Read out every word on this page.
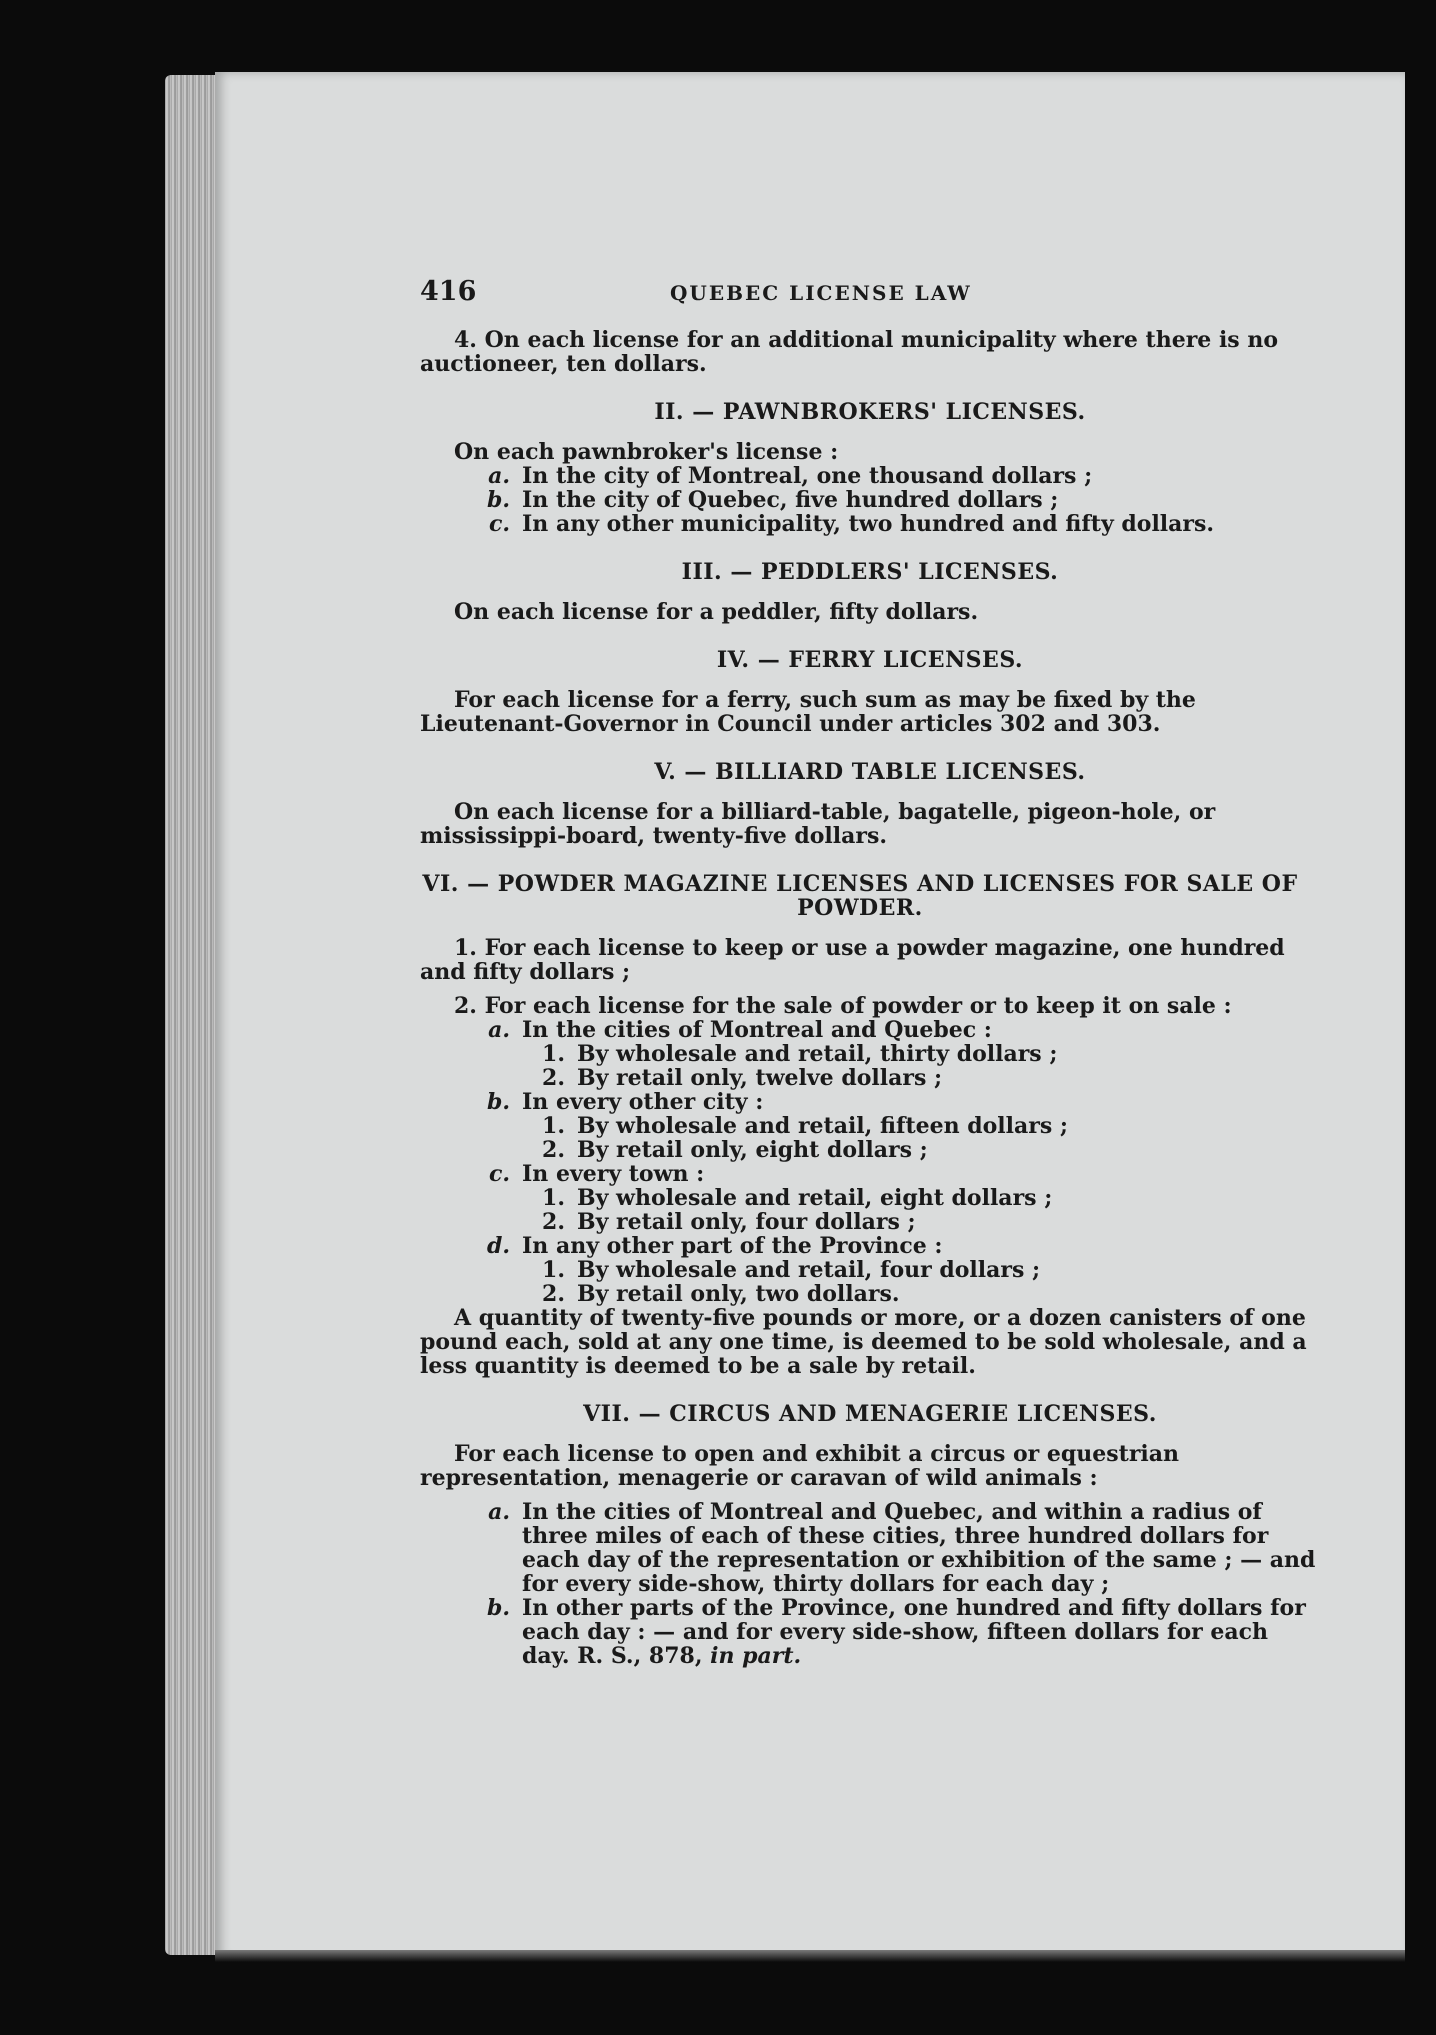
416	QUEBEC LICENSE LAW

4. On each license for an additional municipality where there is no auctioneer, ten dollars.

II. — PAWNBROKERS' LICENSES.

On each pawnbroker's license :

a. In the city of Montreal, one thousand dollars ;
b. In the city of Quebec, five hundred dollars ;
c. In any other municipality, two hundred and fifty dollars.
III. — PEDDLERS' LICENSES.

On each license for a peddler, fifty dollars.

IV. — FERRY LICENSES.

For each license for a ferry, such sum as may be fixed by the Lieutenant-Governor in Council under articles 302 and 303.

V. — BILLIARD TABLE LICENSES.

On each license for a billiard-table, bagatelle, pigeon-hole, or mississippi-board, twenty-five dollars.

VI. — POWDER MAGAZINE LICENSES AND LICENSES FOR SALE OF POWDER.

1. For each license to keep or use a powder magazine, one hundred and fifty dollars ;

2. For each license for the sale of powder or to keep it on sale :

a. In the cities of Montreal and Quebec :
1. By wholesale and retail, thirty dollars ;
2. By retail only, twelve dollars ;
b. In every other city :
1. By wholesale and retail, fifteen dollars ;
2. By retail only, eight dollars ;
c. In every town :
1. By wholesale and retail, eight dollars ;
2. By retail only, four dollars ;
d. In any other part of the Province :
1. By wholesale and retail, four dollars ;
2. By retail only, two dollars.

A quantity of twenty-five pounds or more, or a dozen canisters of one pound each, sold at any one time, is deemed to be sold wholesale, and a less quantity is deemed to be a sale by retail.

VII. — CIRCUS AND MENAGERIE LICENSES.

For each license to open and exhibit a circus or equestrian representation, menagerie or caravan of wild animals :

a. In the cities of Montreal and Quebec, and within a radius of three miles of each of these cities, three hundred dollars for each day of the representation or exhibition of the same ; — and for every side-show, thirty dollars for each day ;
b. In other parts of the Province, one hundred and fifty dollars for each day : — and for every side-show, fifteen dollars for each day. R. S., 878, in part.
